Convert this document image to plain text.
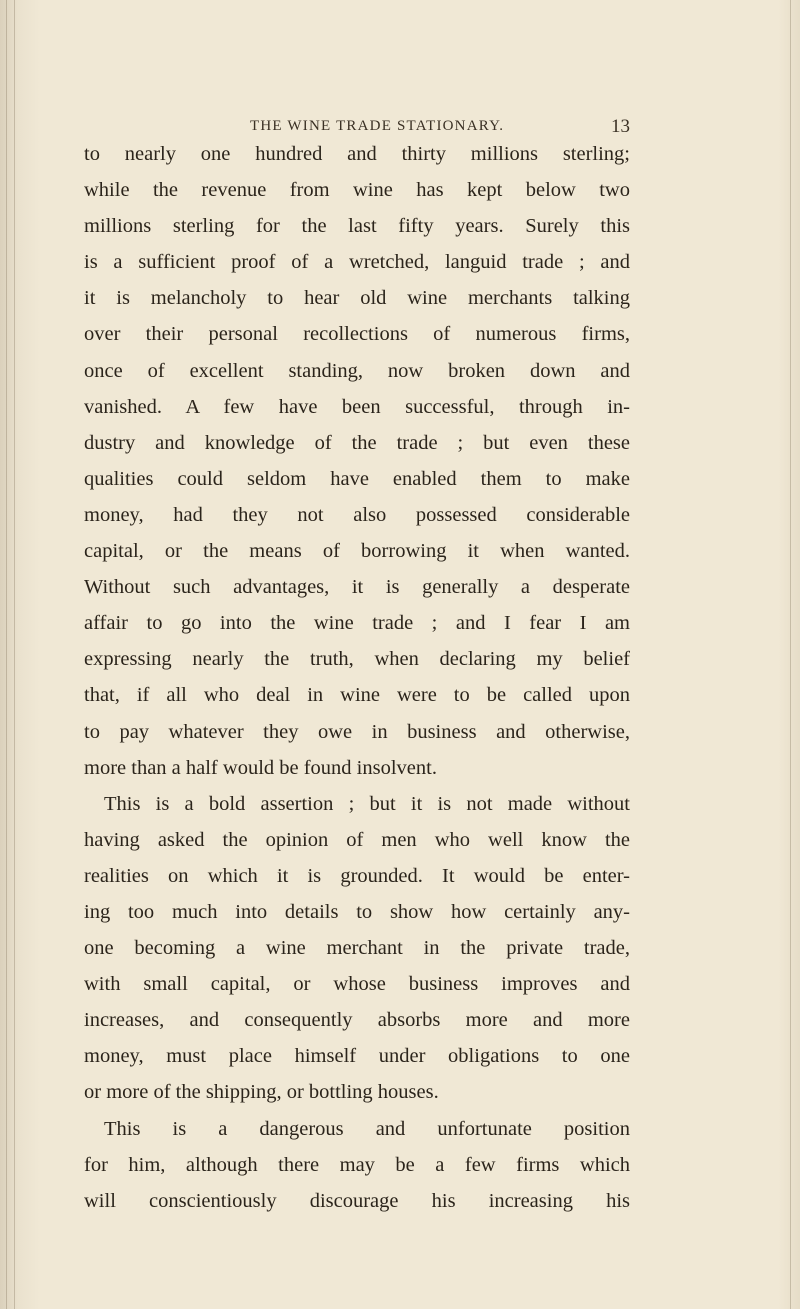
THE WINE TRADE STATIONARY.	13
to nearly one hundred and thirty millions sterling;
while the revenue from wine has kept below two
millions sterling for the last fifty years. Surely this
is a sufficient proof of a wretched, languid trade ; and
it is melancholy to hear old wine merchants talking
over their personal recollections of numerous firms,
once of excellent standing, now broken down and
vanished. A few have been successful, through in-
dustry and knowledge of the trade ; but even these
qualities could seldom have enabled them to make
money, had they not also possessed considerable
capital, or the means of borrowing it when wanted.
Without such advantages, it is generally a desperate
affair to go into the wine trade ; and I fear I am
expressing nearly the truth, when declaring my belief
that, if all who deal in wine were to be called upon
to pay whatever they owe in business and otherwise,
more than a half would be found insolvent.
This is a bold assertion ; but it is not made without
having asked the opinion of men who well know the
realities on which it is grounded. It would be enter-
ing too much into details to show how certainly any-
one becoming a wine merchant in the private trade,
with small capital, or whose business improves and
increases, and consequently absorbs more and more
money, must place himself under obligations to one
or more of the shipping, or bottling houses.
This is a dangerous and unfortunate position
for him, although there may be a few firms which
will conscientiously discourage his increasing his
